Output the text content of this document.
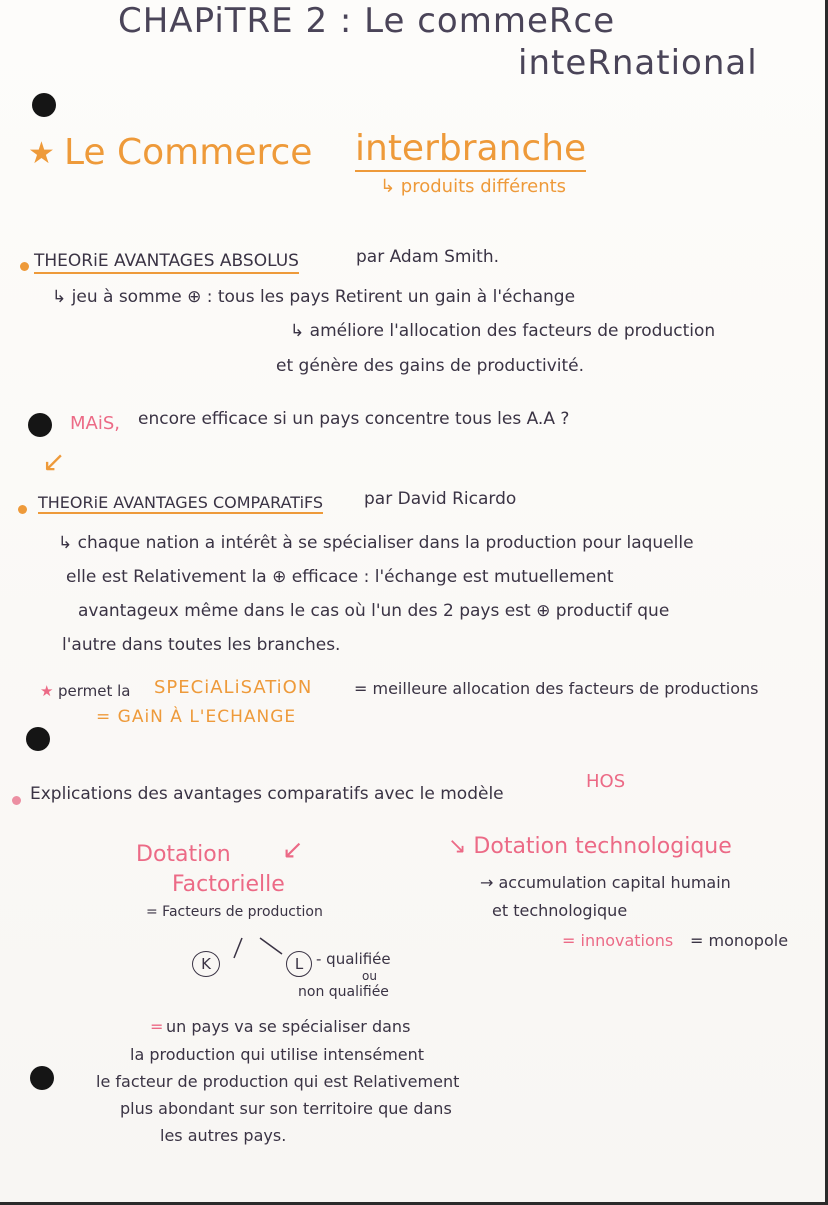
CHAPiTRE 2 : Le commeRce
inteRnational
★ Le Commerce interbranche
↳ produits différents
THEORiE AVANTAGES ABSOLUS	par Adam Smith.
↳ jeu à somme ⊕ : tous les pays Retirent un gain à l'échange
↳ améliore l'allocation des facteurs de production
et génère des gains de productivité.
MAiS, encore efficace si un pays concentre tous les A.A ?
↙
THEORiE AVANTAGES COMPARATiFS par David Ricardo
↳ chaque nation a intérêt à se spécialiser dans la production pour laquelle
elle est Relativement la ⊕ efficace : l'échange est mutuellement
avantageux même dans le cas où l'un des 2 pays est ⊕ productif que
l'autre dans toutes les branches.
★ permet la SPECiALiSATiON	= meilleure allocation des facteurs de productions
= GAiN À L'ECHANGE
Explications des avantages comparatifs avec le modèle
HOS
Dotation ↙
Factorielle
= Facteurs de production
K	L - qualifiée
ou
non qualifiée
↘ Dotation technologique
→ accumulation capital humain
et technologique
= innovations = monopole
= un pays va se spécialiser dans
la production qui utilise intensément
le facteur de production qui est Relativement
plus abondant sur son territoire que dans
les autres pays.
